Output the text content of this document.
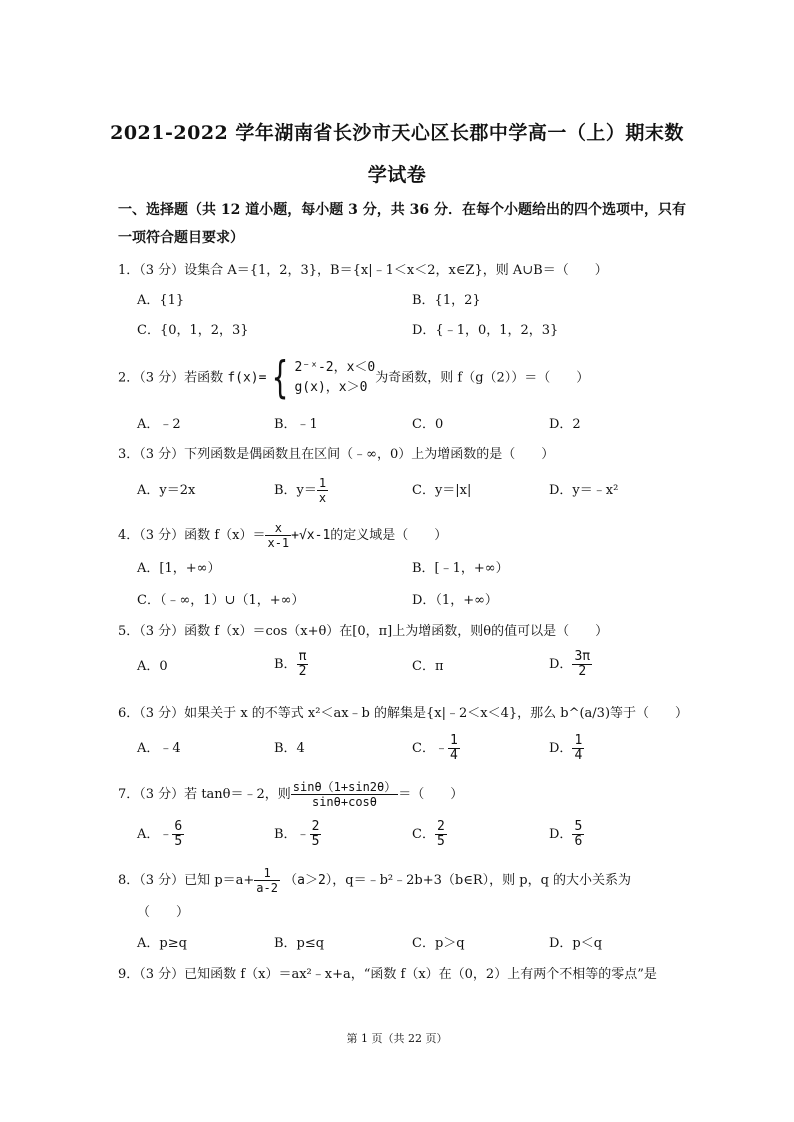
2021-2022 学年湖南省长沙市天心区长郡中学高一（上）期末数
学试卷
一、选择题（共 12 道小题，每小题 3 分，共 36 分．在每个小题给出的四个选项中，只有
一项符合题目要求）
1．（3 分）设集合 A＝{1，2，3}，B＝{x|﹣1＜x＜2，x∈Z}，则 A∪B＝（　　）
A．{1}	B．{1，2}
C．{0，1，2，3}	D．{﹣1，0，1，2，3}
2．（3 分）若函数 f(x)= { 2⁻ˣ-2，x＜0
g(x)，x＞0
为奇函数，则 f（g（2））＝（　　）
A．﹣2	B．﹣1	C．0	D．2
3．（3 分）下列函数是偶函数且在区间（﹣∞，0）上为增函数的是（　　）
A．y＝2x	B．$y= \frac{1}{x}$	C．y＝|x|	D．y＝﹣x²
4．（3 分）函数 $f(x)= \frac{x}{x-1} +√x-1$的定义域是（　　）
A．[1，+∞）	B．[﹣1，+∞）
C．（﹣∞，1）∪（1，+∞）	D．（1，+∞）
5．（3 分）函数 f（x）＝cos（x+θ）在[0，π]上为增函数，则θ的值可以是（　　）
A．0	B． $\frac{\pi}{2}$	C．π	D． $\frac{3\pi}{2}$
6．（3 分）如果关于 x 的不等式 x²＜ax﹣b 的解集是{x|﹣2＜x＜4}，那么 b^(a/3)等于（　　）
A．﹣4	B．4	C．﹣ $\frac{1}{4}$	D． $\frac{1}{4}$
7．（3 分）若 tanθ＝﹣2，则 $\frac{\sin\theta(1+\sin 2\theta)}{\sin\theta+\cos\theta}$ ＝（　　）
A．﹣ $\frac{6}{5}$	B．﹣ $\frac{2}{5}$	C． $\frac{2}{5}$	D． $\frac{5}{6}$
8．（3 分）已知 $p=a+ \frac{1}{a-2} (a>2)$，q＝﹣b²﹣2b+3（b∈R），则 p，q 的大小关系为
（　　）
A．p≥q	B．p≤q	C．p＞q	D．p＜q
9．（3 分）已知函数 f（x）＝ax²﹣x+a，“函数 f（x）在（0，2）上有两个不相等的零点”是
第 1 页（共 22 页）
